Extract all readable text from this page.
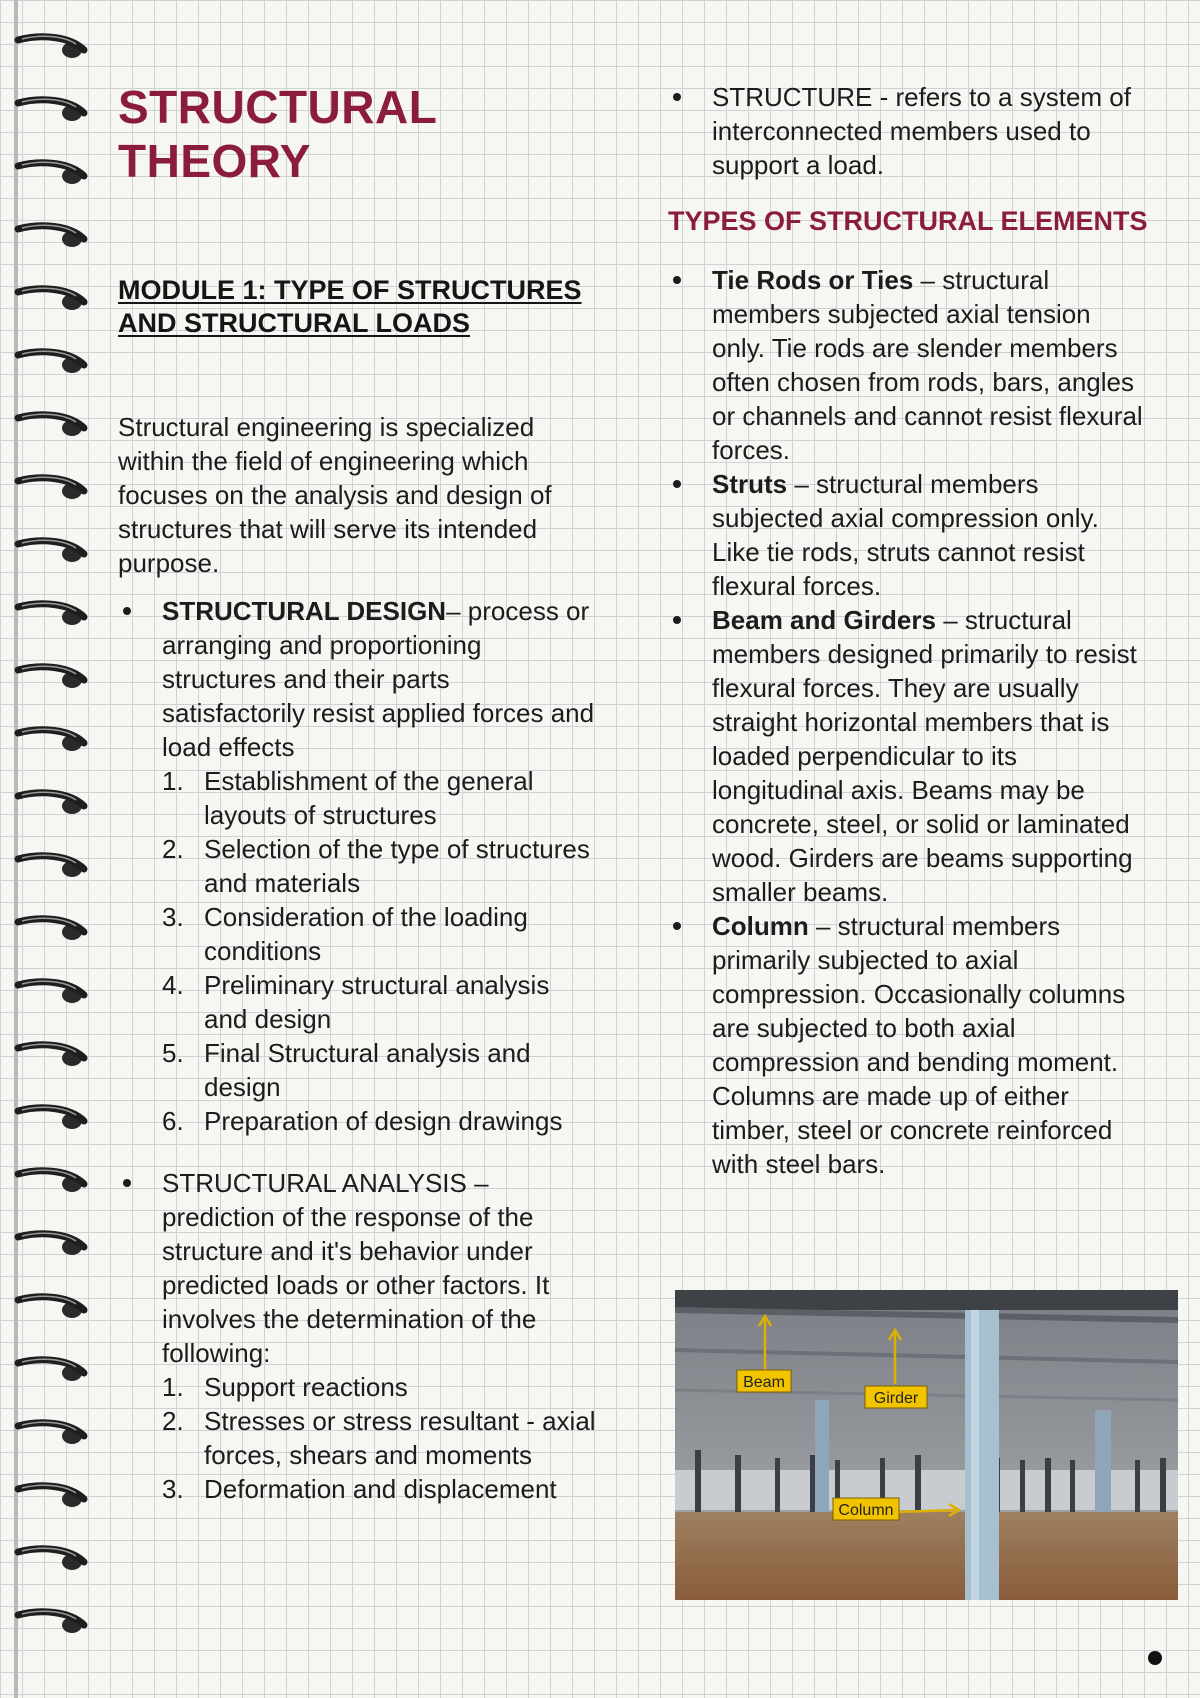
STRUCTURAL
THEORY
MODULE 1: TYPE OF STRUCTURES AND STRUCTURAL LOADS

Structural engineering is specialized within the field of engineering which focuses on the analysis and design of structures that will serve its intended purpose.

STRUCTURAL DESIGN– process or arranging and proportioning structures and their parts satisfactorily resist applied forces and load effects
1. Establishment of the general layouts of structures
2. Selection of the type of structures and materials
3. Consideration of the loading conditions
4. Preliminary structural analysis and design
5. Final Structural analysis and design
6. Preparation of design drawings
STRUCTURAL ANALYSIS – prediction of the response of the structure and it's behavior under predicted loads or other factors. It involves the determination of the following:
1. Support reactions
2. Stresses or stress resultant - axial forces, shears and moments
3. Deformation and displacement
STRUCTURE - refers to a system of interconnected members used to support a load.
TYPES OF STRUCTURAL ELEMENTS
Tie Rods or Ties – structural members subjected axial tension only. Tie rods are slender members often chosen from rods, bars, angles or channels and cannot resist flexural forces.
Struts – structural members subjected axial compression only. Like tie rods, struts cannot resist flexural forces.
Beam and Girders – structural members designed primarily to resist flexural forces. They are usually straight horizontal members that is loaded perpendicular to its longitudinal axis. Beams may be concrete, steel, or solid or laminated wood. Girders are beams supporting smaller beams.
Column – structural members primarily subjected to axial compression. Occasionally columns are subjected to both axial compression and bending moment. Columns are made up of either timber, steel or concrete reinforced with steel bars.
Beam
Girder
Column
